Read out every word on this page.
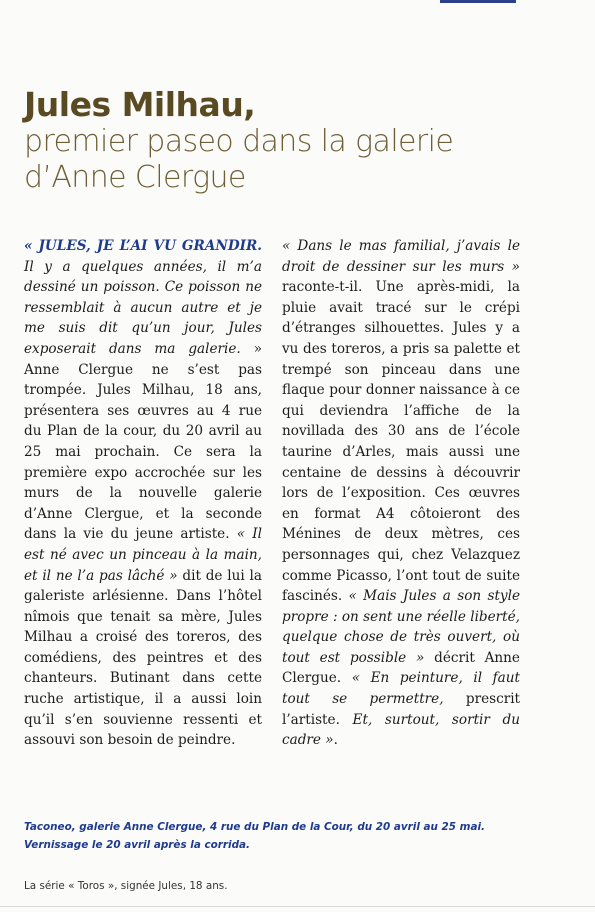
Jules Milhau,
premier paseo dans la galerie
d’Anne Clergue
« JULES, JE L’AI VU GRANDIR. Il y a quelques années, il m’a dessiné un poisson. Ce poisson ne ressemblait à aucun autre et je me suis dit qu’un jour, Jules exposerait dans ma galerie. » Anne Clergue ne s’est pas trompée. Jules Milhau, 18 ans, présentera ses œuvres au 4 rue du Plan de la cour, du 20 avril au 25 mai prochain. Ce sera la première expo accrochée sur les murs de la nouvelle galerie d’Anne Clergue, et la seconde dans la vie du jeune artiste. « Il est né avec un pinceau à la main, et il ne l’a pas lâché » dit de lui la galeriste arlésienne. Dans l’hôtel nîmois que tenait sa mère, Jules Milhau a croisé des toreros, des comédiens, des peintres et des chanteurs. Butinant dans cette ruche artistique, il a aussi loin qu’il s’en souvienne ressenti et assouvi son besoin de peindre.
« Dans le mas familial, j’avais le droit de dessiner sur les murs » raconte-t-il. Une après-midi, la pluie avait tracé sur le crépi d’étranges silhouettes. Jules y a vu des toreros, a pris sa palette et trempé son pinceau dans une flaque pour donner naissance à ce qui deviendra l’affiche de la novillada des 30 ans de l’école taurine d’Arles, mais aussi une centaine de dessins à découvrir lors de l’exposition. Ces œuvres en format A4 côtoieront des Ménines de deux mètres, ces personnages qui, chez Velazquez comme Picasso, l’ont tout de suite fascinés. « Mais Jules a son style propre : on sent une réelle liberté, quelque chose de très ouvert, où tout est possible » décrit Anne Clergue. « En peinture, il faut tout se permettre, prescrit l’artiste. Et, surtout, sortir du cadre ».
Taconeo, galerie Anne Clergue, 4 rue du Plan de la Cour, du 20 avril au 25 mai.
Vernissage le 20 avril après la corrida.
La série « Toros », signée Jules, 18 ans.
